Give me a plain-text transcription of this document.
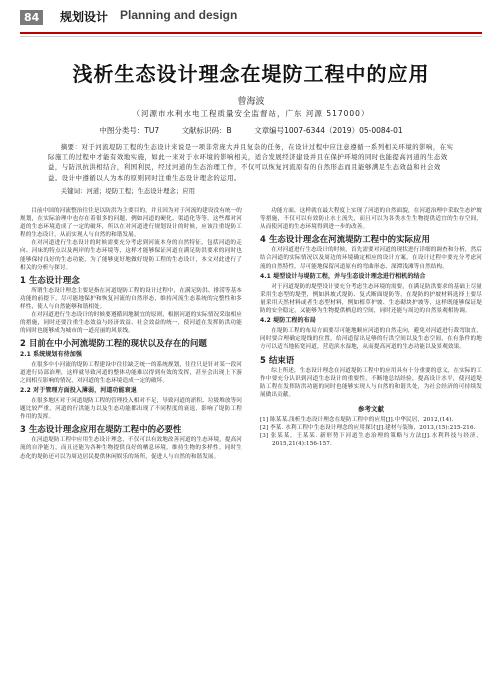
84	规划设计 Planning and design
浅析生态设计理念在堤防工程中的应用
曾海波
（河源市水利水电工程质量安全监督站，广东 河源 517000）
中图分类号：TU7	文献标识码：B	文章编号1007-6344（2019）05-0084-01
摘要：对于河流堤防工程的生态设计来说是一项非常庞大并且复杂的任务，在设计过程中应注意遵循一系列相关环境的影响，在实际施工的过程中才能有效地实施，如此一来对于水环境的影响相关，适合发展经济建设并且在保护环境的同时也能提高河道的生态效益，与防汛抗洪相结合，利国利民，经过河道的生态治理工作，不仅可以恢复河流原有的自然形态而且能够满足生态效益和社会效益。设计中遵循以人为本的原则同时注重生态设计理念的运用。
关键词：河道；堤防工程；生态设计理念；应用

目前中国的河流整治往往是以防洪为主要目的，并且因为对于河流的建设没有统一的规划，在实际治理中也存在着很多的问题，例如河道的硬化、渠道化等等，这些都对河道的生态环境造成了一定的破坏，所以在对河道进行规划设计的时候，应该注重堤防工程的生态设计，从而实现人与自然的和谐发展。

在对河道进行生态设计的时候需要充分考虑到河流本身的自然特征，包括河道的走向、河床的特点以及两岸的生态环境等，这样才能够保证河道在满足防洪要求的同时也能够保持良好的生态功能，为了能够更好地做好堤防工程的生态设计，本文对此进行了相关的分析与探讨。

1 生态设计理念

所谓生态设计理念主要是指在河道堤防工程的设计过程中，在满足防洪、排涝等基本功能的前提下，尽可能地保护和恢复河流的自然形态，维持河流生态系统的完整性和多样性，使人与自然能够和谐相处。

在对河道进行生态设计的时候要遵循因地制宜的原则，根据河道的实际情况采取相应的措施，同时还要注重生态效益与经济效益、社会效益的统一，使河道在发挥防洪功能的同时也能够成为城市的一道亮丽的风景线。

2 目前在中小河流堤防工程的现状以及存在的问题
2.1 系统规划有待加强

在很多中小河流的堤防工程建设中往往缺乏统一的系统规划，往往只是针对某一段河道进行局部治理，这样就导致河道的整体功能难以得到有效的发挥，甚至会出现上下游之间相互影响的情况，对河道的生态环境造成一定的破坏。

2.2 对于管理方面投入薄弱，河道功能衰退

在很多地区对于河道堤防工程的管理投入相对不足，导致河道的淤积、垃圾堆放等问题比较严重，河道的行洪能力以及生态功能都出现了不同程度的衰退，影响了堤防工程作用的发挥。

3 生态设计理念应用在堤防工程中的必要性

在河道堤防工程中应用生态设计理念，不仅可以有效地改善河道的生态环境，提高河流的自净能力，而且还能为各种生物提供良好的栖息环境，维持生物的多样性。同时生态化的堤防还可以为周边居民提供休闲娱乐的场所，促进人与自然的和谐发展。

功能方面，这样就在最大程度上实现了河道的自然面貌，在河道治理中采取生态护坡等措施，不仅可以有效防止水土流失，而且可以为各类水生生物提供适宜的生存空间，从而使河道的生态环境得到进一步的改善。

4 生态设计理念在河流堤防工程中的实际应用

在对河道进行生态设计的时候，首先需要对河道的现状进行详细的调查和分析，然后结合河道的实际情况以及周边的环境确定相应的设计方案，在设计过程中要充分考虑河流的自然特性，尽可能地保留河道原有的弯曲形态、深潭浅滩等自然结构。

4.1 堤型设计与堤防工程，并与生态设计理念进行相机的结合

对于河道堤防的堤型设计要充分考虑生态环境的需要，在满足防洪要求的基础上尽量采用生态型的堤型，例如斜坡式堤防、复式断面堤防等，在堤防的护坡材料选择上要尽量采用天然材料或者生态型材料，例如植草护坡、生态砌块护坡等，这样既能够保证堤防的安全稳定，又能够为生物提供栖息的空间，同时还能与周边的自然景观相协调。

4.2 堤防工程的布局

在堤防工程的布局方面要尽可能地顺应河道的自然走向，避免对河道进行裁弯取直，同时要合理确定堤线的位置，给河道留出足够的行洪空间以及生态空间，在有条件的地方可以适当地拓宽河道，营造滨水湿地，从而提高河道的生态功能以及景观效果。

5 结束语

综上所述，生态设计理念在河道堤防工程中的应用具有十分重要的意义，在实际的工作中要充分认识到河道生态设计的重要性，不断地总结经验，提高设计水平，使河道堤防工程在发挥防洪功能的同时也能够实现人与自然的和谐共处，为社会经济的可持续发展做出贡献。

参考文献

[1] 陈某某.浅析生态设计理念在堤防工程中的应用[J].中华民居，2012,(14).

[2] 李某. 水利工程中生态设计理念的应用探讨[J].建材与装饰，2013,(15):215-216.

[3] 张某某，王某某. 新形势下河道生态治理的策略与方法[J].水利科技与经济，2015,21(4):156-157.
